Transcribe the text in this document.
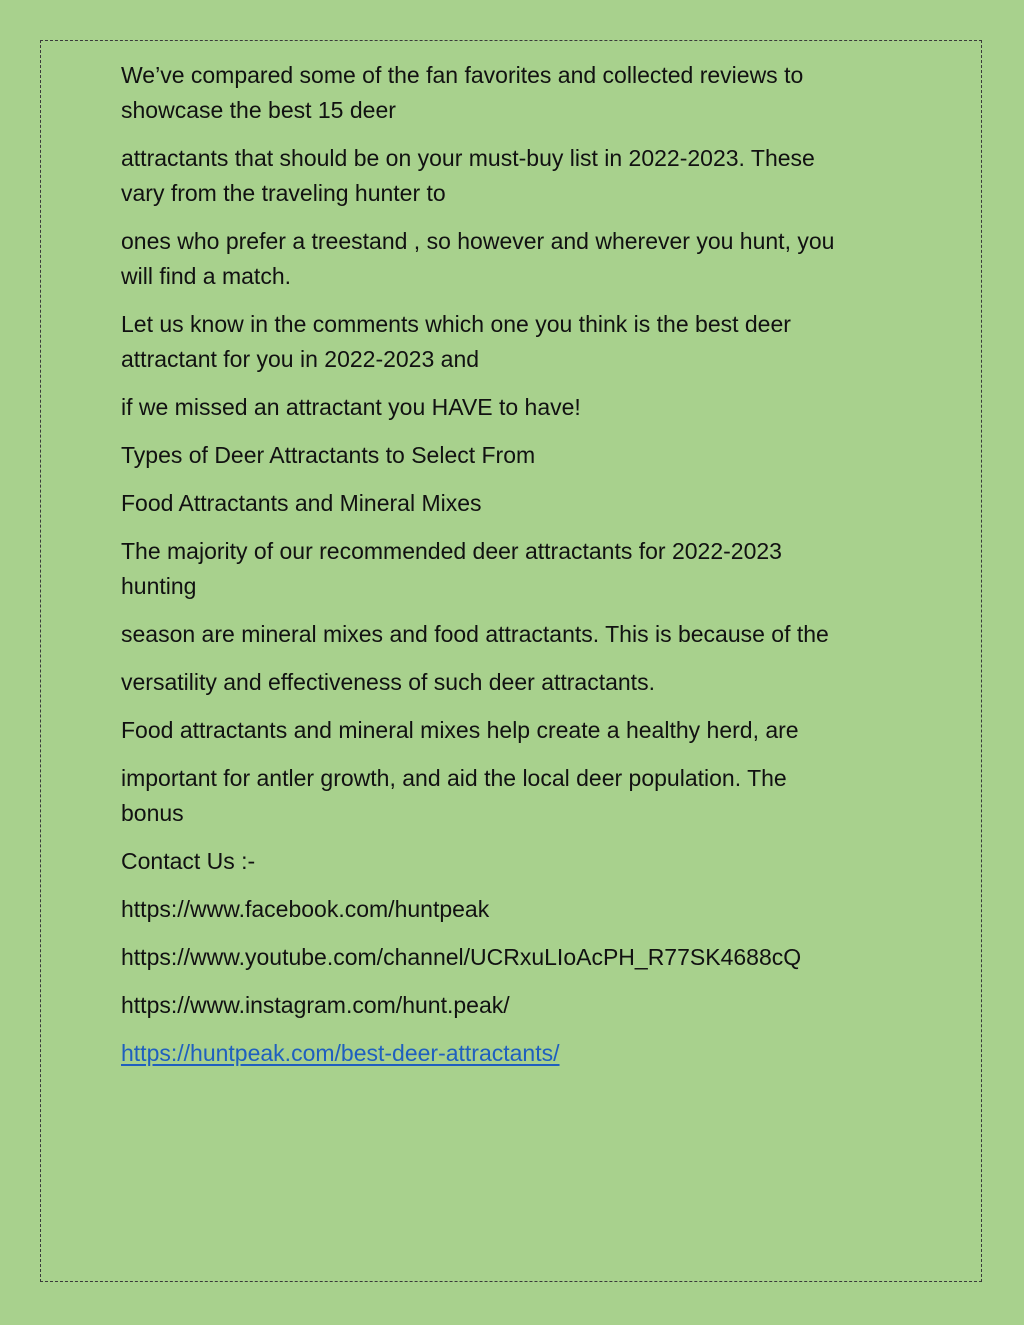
We’ve compared some of the fan favorites and collected reviews to
showcase the best 15 deer

attractants that should be on your must-buy list in 2022-2023. These
vary from the traveling hunter to

ones who prefer a treestand , so however and wherever you hunt, you
will find a match.

Let us know in the comments which one you think is the best deer
attractant for you in 2022-2023 and

if we missed an attractant you HAVE to have!

Types of Deer Attractants to Select From

Food Attractants and Mineral Mixes

The majority of our recommended deer attractants for 2022-2023
hunting

season are mineral mixes and food attractants. This is because of the

versatility and effectiveness of such deer attractants.

Food attractants and mineral mixes help create a healthy herd, are

important for antler growth, and aid the local deer population. The
bonus

Contact Us :-

https://www.facebook.com/huntpeak

https://www.youtube.com/channel/UCRxuLIoAcPH_R77SK4688cQ

https://www.instagram.com/hunt.peak/

https://huntpeak.com/best-deer-attractants/
